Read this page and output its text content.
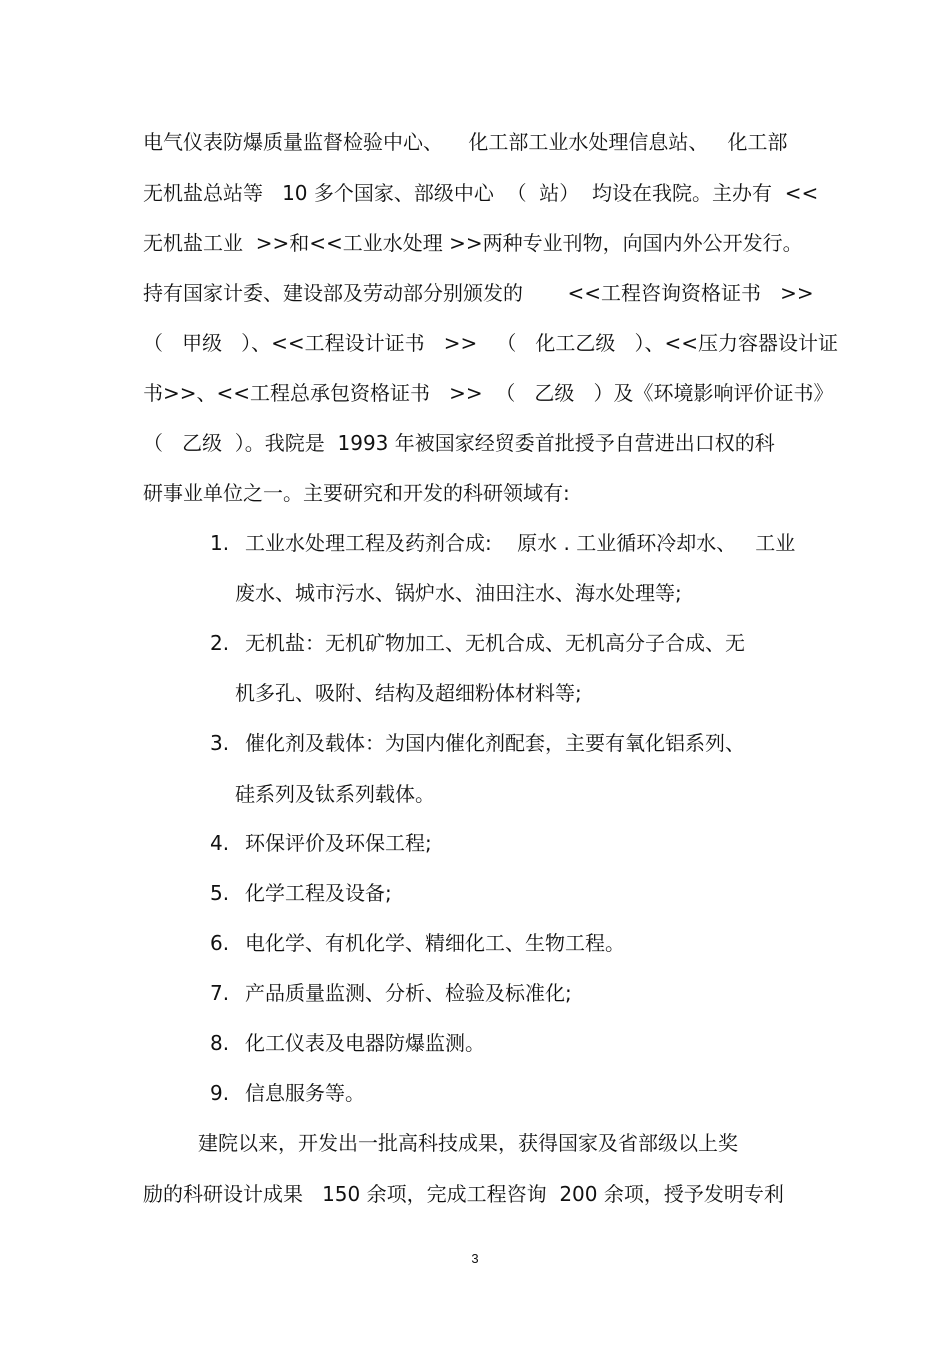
电气仪表防爆质量监督检验中心、    化工部工业水处理信息站、   化工部
无机盐总站等   10 多个国家、部级中心  （  站）  均设在我院。主办有  <<
无机盐工业  >>和<<工业水处理 >>两种专业刊物，向国内外公开发行。
持有国家计委、建设部及劳动部分别颁发的       <<工程咨询资格证书   >>
（   甲级   ）、<<工程设计证书   >>   （   化工乙级   ）、<<压力容器设计证
书>>、<<工程总承包资格证书   >>  （   乙级   ）及《环境影响评价证书》
（   乙级  ）。我院是  1993 年被国家经贸委首批授予自营进出口权的科
研事业单位之一。主要研究和开发的科研领域有:
1. 工业水处理工程及药剂合成:    原水 . 工业循环冷却水、   工业
废水、城市污水、锅炉水、油田注水、海水处理等;
2. 无机盐：无机矿物加工、无机合成、无机高分子合成、无
机多孔、吸附、结构及超细粉体材料等;
3. 催化剂及载体：为国内催化剂配套，主要有氧化铝系列、
硅系列及钛系列载体。
4. 环保评价及环保工程;
5. 化学工程及设备;
6. 电化学、有机化学、精细化工、生物工程。
7. 产品质量监测、分析、检验及标准化;
8. 化工仪表及电器防爆监测。
9. 信息服务等。
建院以来，开发出一批高科技成果，获得国家及省部级以上奖
励的科研设计成果   150 余项，完成工程咨询  200 余项，授予发明专利
3
